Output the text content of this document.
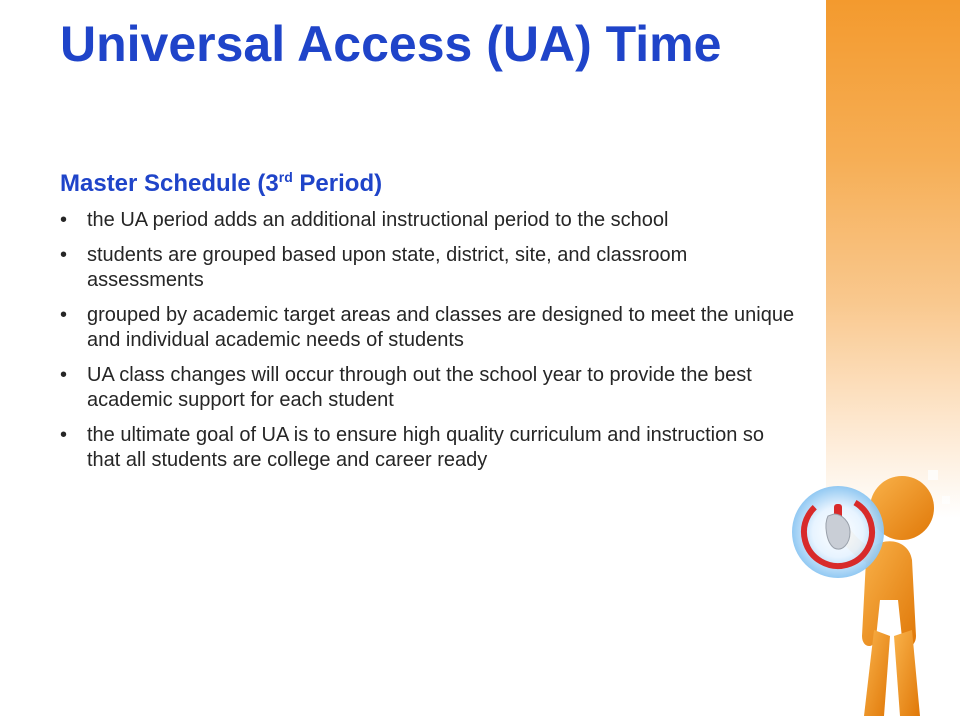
Universal Access (UA) Time
Master Schedule (3rd Period)
• the UA period adds an additional instructional period to the school
• students are grouped based upon state, district, site, and classroom assessments
• grouped by academic target areas and classes are designed to meet the unique and individual academic needs of students
• UA class changes will occur through out the school year to provide the best academic support for each student
• the ultimate goal of UA is to ensure high quality curriculum and instruction so that all students are college and career ready
